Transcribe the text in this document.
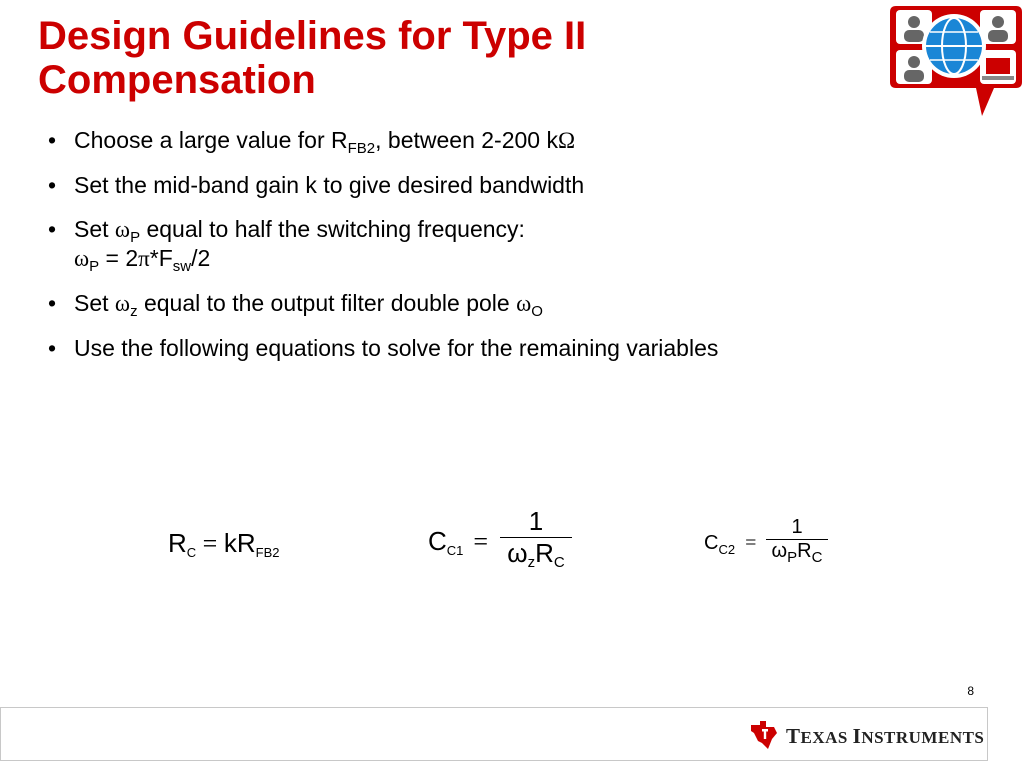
Design Guidelines for Type II
Compensation
• Choose a large value for $R_{FB2}$, between 2-200 kΩ
• Set the mid-band gain k to give desired bandwidth
• Set $\omega_P$ equal to half the switching frequency:
$\omega_P = 2\pi*F_{sw}/2$
• Set $\omega_z$ equal to the output filter double pole $\omega_O$
• Use the following equations to solve for the remaining variables
$R_C = kR_{FB2}$	$C_{C1}$ =
1
$\omega_zR_C$
$C_{C2}$ =
1
$\omega_PR_C$
8
TEXAS INSTRUMENTS
